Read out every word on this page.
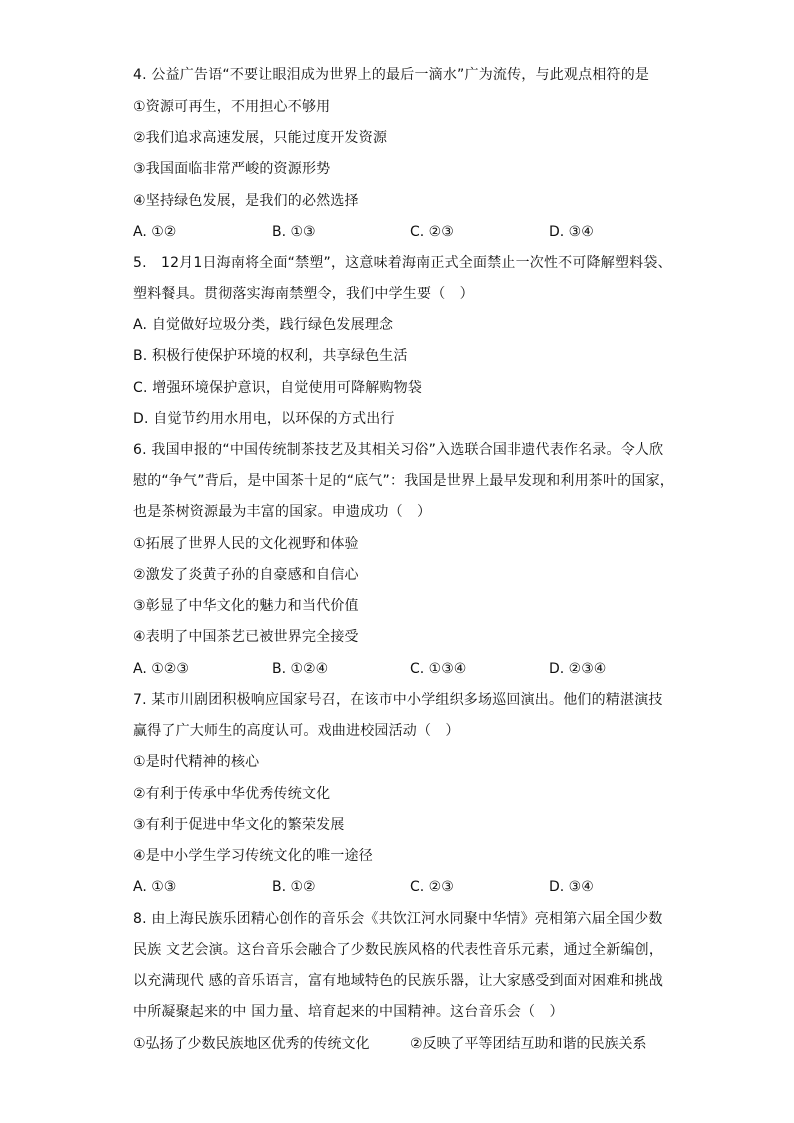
4. 公益广告语“不要让眼泪成为世界上的最后一滴水”广为流传，与此观点相符的是
①资源可再生，不用担心不够用
②我们追求高速发展，只能过度开发资源
③我国面临非常严峻的资源形势
④坚持绿色发展，是我们的必然选择
A. ①②	B. ①③	C. ②③	D. ③④
5.　12月1日海南将全面“禁塑”，这意味着海南正式全面禁止一次性不可降解塑料袋、
塑料餐具。贯彻落实海南禁塑令，我们中学生要（　）
A. 自觉做好垃圾分类，践行绿色发展理念
B. 积极行使保护环境的权利，共享绿色生活
C. 增强环境保护意识，自觉使用可降解购物袋
D. 自觉节约用水用电，以环保的方式出行
6. 我国申报的“中国传统制茶技艺及其相关习俗”入选联合国非遗代表作名录。令人欣
慰的“争气”背后，是中国茶十足的“底气”：我国是世界上最早发现和利用茶叶的国家，
也是茶树资源最为丰富的国家。申遗成功（　）
①拓展了世界人民的文化视野和体验
②激发了炎黄子孙的自豪感和自信心
③彰显了中华文化的魅力和当代价值
④表明了中国茶艺已被世界完全接受
A. ①②③	B. ①②④	C. ①③④	D. ②③④
7. 某市川剧团积极响应国家号召，在该市中小学组织多场巡回演出。他们的精湛演技
赢得了广大师生的高度认可。戏曲进校园活动（　）
①是时代精神的核心
②有利于传承中华优秀传统文化
③有利于促进中华文化的繁荣发展
④是中小学生学习传统文化的唯一途径
A. ①③	B. ①②	C. ②③	D. ③④
8. 由上海民族乐团精心创作的音乐会《共饮江河水同聚中华情》亮相第六届全国少数
民族 文艺会演。这台音乐会融合了少数民族风格的代表性音乐元素，通过全新编创，
以充满现代 感的音乐语言，富有地域特色的民族乐器，让大家感受到面对困难和挑战
中所凝聚起来的中 国力量、培育起来的中国精神。这台音乐会（　）
①弘扬了少数民族地区优秀的传统文化	②反映了平等团结互助和谐的民族关系
